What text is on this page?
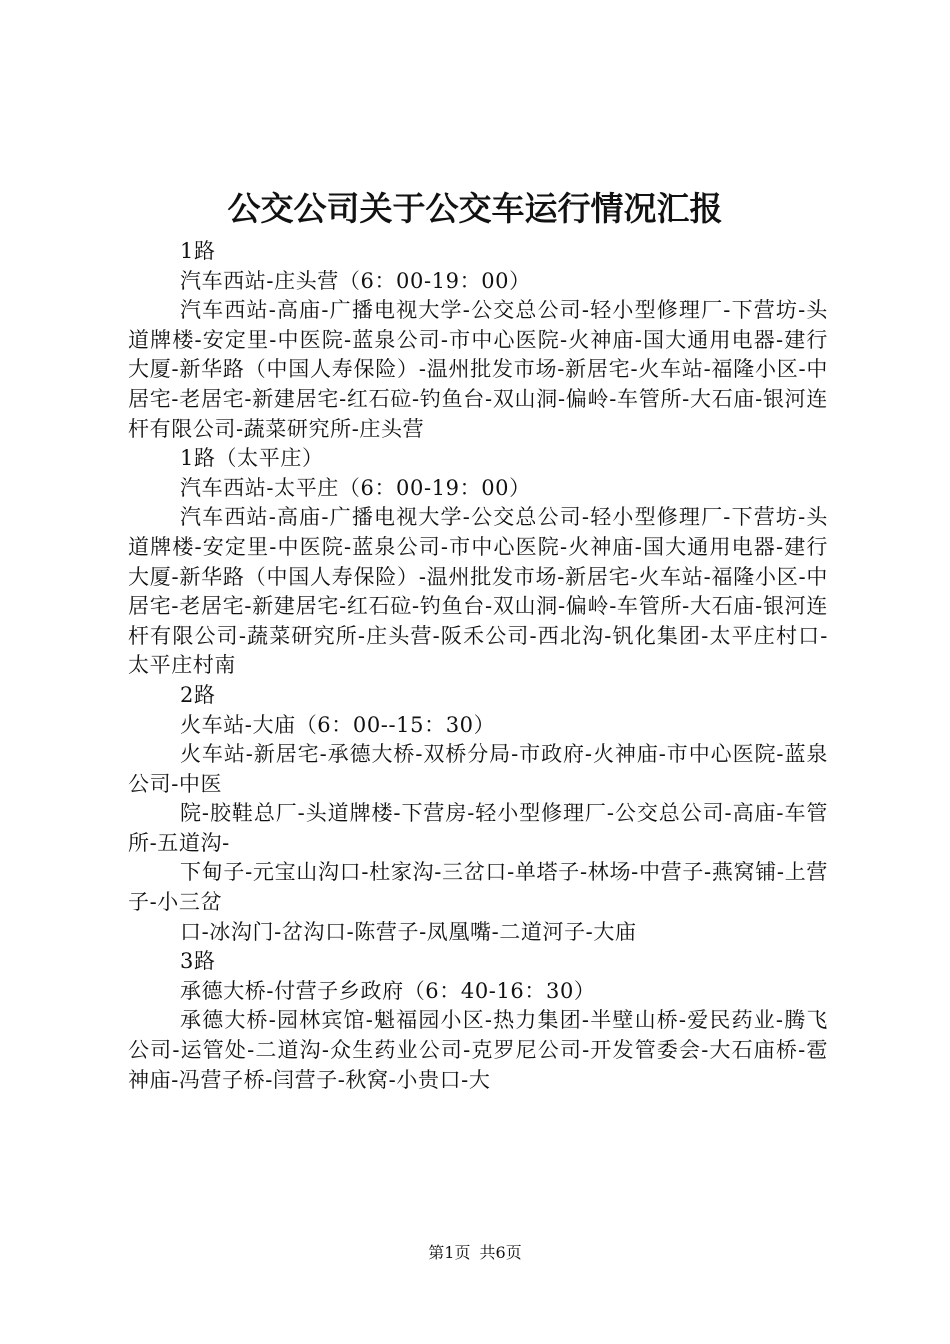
公交公司关于公交车运行情况汇报

1路

汽车西站-庄头营（6：00-19：00）

汽车西站-高庙-广播电视大学-公交总公司-轻小型修理厂-下营坊-头道牌楼-安定里-中医院-蓝泉公司-市中心医院-火神庙-国大通用电器-建行大厦-新华路（中国人寿保险）-温州批发市场-新居宅-火车站-福隆小区-中居宅-老居宅-新建居宅-红石砬-钓鱼台-双山洞-偏岭-车管所-大石庙-银河连杆有限公司-蔬菜研究所-庄头营

1路（太平庄）

汽车西站-太平庄（6：00-19：00）

汽车西站-高庙-广播电视大学-公交总公司-轻小型修理厂-下营坊-头道牌楼-安定里-中医院-蓝泉公司-市中心医院-火神庙-国大通用电器-建行大厦-新华路（中国人寿保险）-温州批发市场-新居宅-火车站-福隆小区-中居宅-老居宅-新建居宅-红石砬-钓鱼台-双山洞-偏岭-车管所-大石庙-银河连杆有限公司-蔬菜研究所-庄头营-阪禾公司-西北沟-钒化集团-太平庄村口-太平庄村南

2路

火车站-大庙（6：00--15：30）

火车站-新居宅-承德大桥-双桥分局-市政府-火神庙-市中心医院-蓝泉公司-中医

院-胶鞋总厂-头道牌楼-下营房-轻小型修理厂-公交总公司-高庙-车管所-五道沟-

下甸子-元宝山沟口-杜家沟-三岔口-单塔子-林场-中营子-燕窝铺-上营子-小三岔

口-冰沟门-岔沟口-陈营子-凤凰嘴-二道河子-大庙

3路

承德大桥-付营子乡政府（6：40-16：30）

承德大桥-园林宾馆-魁福园小区-热力集团-半壁山桥-爱民药业-腾飞公司-运管处-二道沟-众生药业公司-克罗尼公司-开发管委会-大石庙桥-雹神庙-冯营子桥-闫营子-秋窝-小贵口-大

第1页 共6页
